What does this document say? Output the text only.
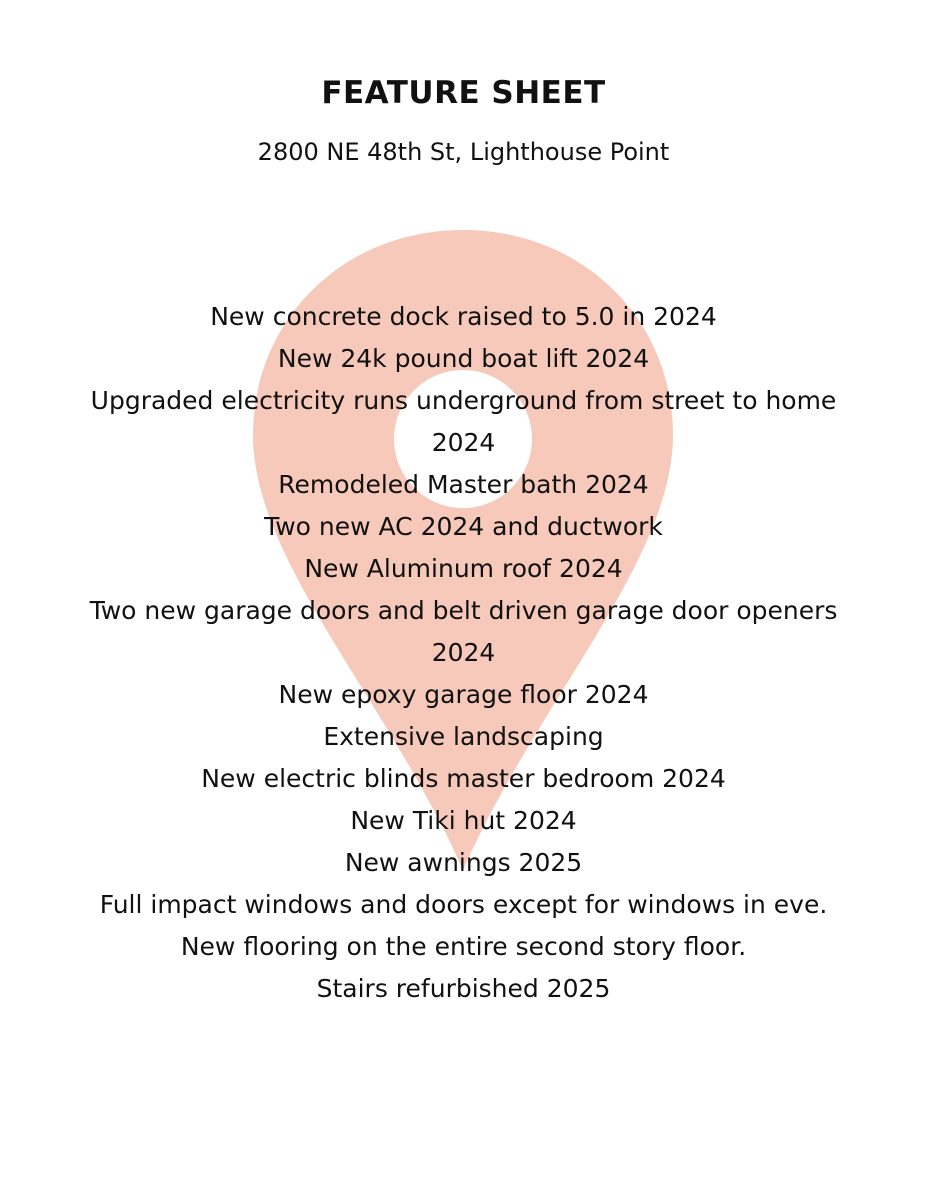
FEATURE SHEET

2800 NE 48th St, Lighthouse Point

New concrete dock raised to 5.0 in 2024
New 24k pound boat lift 2024
Upgraded electricity runs underground from street to home
2024
Remodeled Master bath 2024
Two new AC 2024 and ductwork
New Aluminum roof 2024
Two new garage doors and belt driven garage door openers
2024
New epoxy garage floor 2024
Extensive landscaping
New electric blinds master bedroom 2024
New Tiki hut 2024
New awnings 2025
Full impact windows and doors except for windows in eve.
New flooring on the entire second story floor.
Stairs refurbished 2025
